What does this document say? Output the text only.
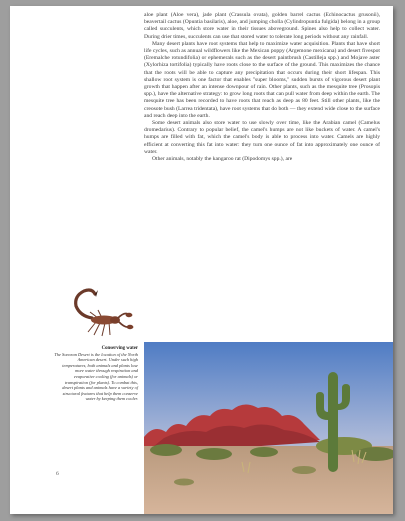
aloe plant (Aloe vera), jade plant (Crassula ovata), golden barrel cactus (Echinocactus grusonii), beavertail cactus (Opuntia basilaris), aloe, and jumping cholla (Cylindropuntia fulgida) belong in a group called succulents, which store water in their tissues aboveground. Spines also help to collect water. During drier times, succulents can use that stored water to tolerate long periods without any rainfall.

Many desert plants have root systems that help to maximize water acquisition. Plants that have short life cycles, such as annual wildflowers like the Mexican poppy (Argemone mexicana) and desert fivespot (Eremalche rotundifolia) or ephemerals such as the desert paintbrush (Castilleja spp.) and Mojave aster (Xylorhiza tortifolia) typically have roots close to the surface of the ground. This maximizes the chance that the roots will be able to capture any precipitation that occurs during their short lifespan. This shallow root system is one factor that enables "super blooms," sudden bursts of vigorous desert plant growth that happen after an intense downpour of rain. Other plants, such as the mesquite tree (Prosopis spp.), have the alternative strategy: to grow long roots that can pull water from deep within the earth. The mesquite tree has been recorded to have roots that reach as deep as 80 feet. Still other plants, like the creosote bush (Larrea tridentata), have root systems that do both — they extend wide close to the surface and reach deep into the earth.

Some desert animals also store water to use slowly over time, like the Arabian camel (Camelus dromedarius). Contrary to popular belief, the camel's humps are not like buckets of water. A camel's humps are filled with fat, which the camel's body is able to process into water. Camels are highly efficient at converting this fat into water: they turn one ounce of fat into approximately one ounce of water.

Other animals, notably the kangaroo rat (Dipodomys spp.), are

Conserving water
The Sonoran Desert is the location of the North American desert. Under such high temperatures, both animals and plants lose more water through respiration and evaporative cooling (for animals) or transpiration (for plants). To combat this, desert plants and animals have a variety of structural features that help them conserve water by keeping them cooler.
6
